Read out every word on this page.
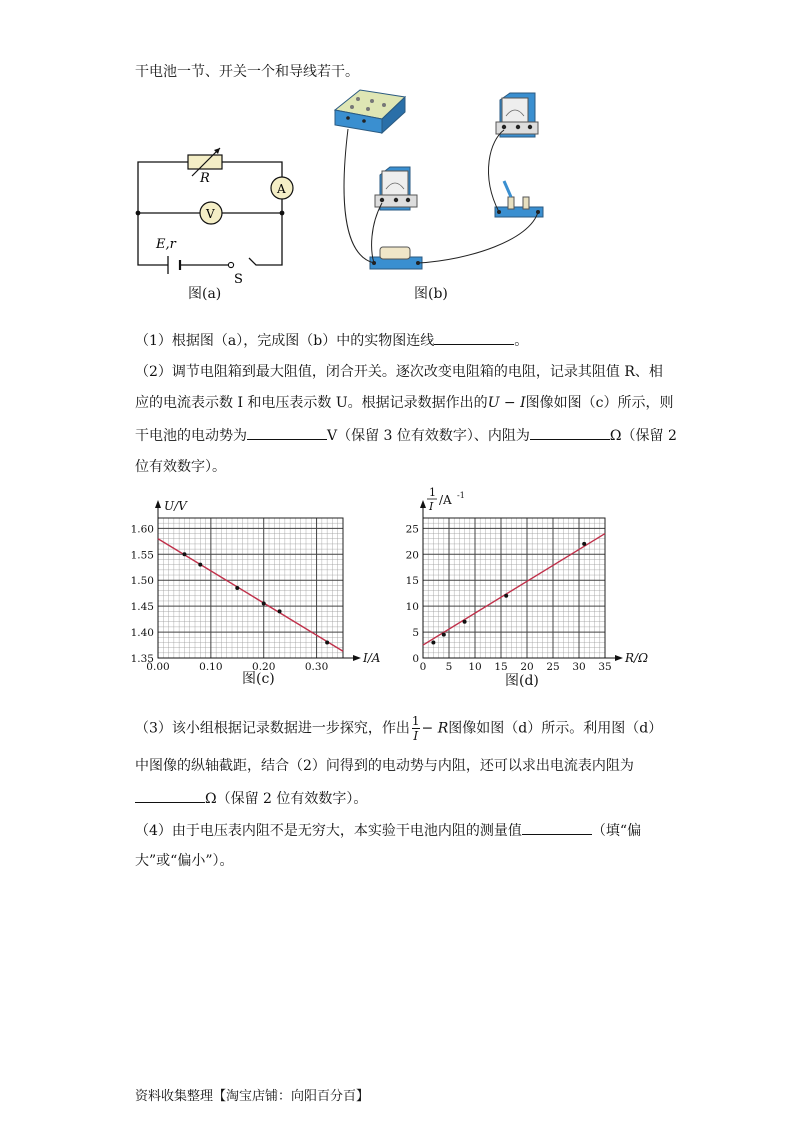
干电池一节、开关一个和导线若干。
R
A
V
E,r
S
图(a)	图(b)
（1）根据图（a），完成图（b）中的实物图连线	。
（2）调节电阻箱到最大阻值，闭合开关。逐次改变电阻箱的电阻，记录其阻值 R、相
应的电流表示数 I 和电压表示数 U。根据记录数据作出的U − I图像如图（c）所示，则
干电池的电动势为	V（保留 3 位有效数字）、内阻为	Ω（保留 2
位有效数字）。
0.00	0.10	0.20	0.30
1.35
1.40
1.45
1.50
1.55
1.60
I/A
U/V
图(c)
0 5 10 15 20 25 30 35
0
5
10
15
20
25
R/Ω
1
I /A -1
图(d)
（3）该小组根据记录数据进一步探究，作出 $\frac{1}{I} - R$图像如图（d）所示。利用图（d）
中图像的纵轴截距，结合（2）问得到的电动势与内阻，还可以求出电流表内阻为
Ω（保留 2 位有效数字）。
（4）由于电压表内阻不是无穷大，本实验干电池内阻的测量值	（填“偏
大”或“偏小”）。
资料收集整理【淘宝店铺：向阳百分百】
